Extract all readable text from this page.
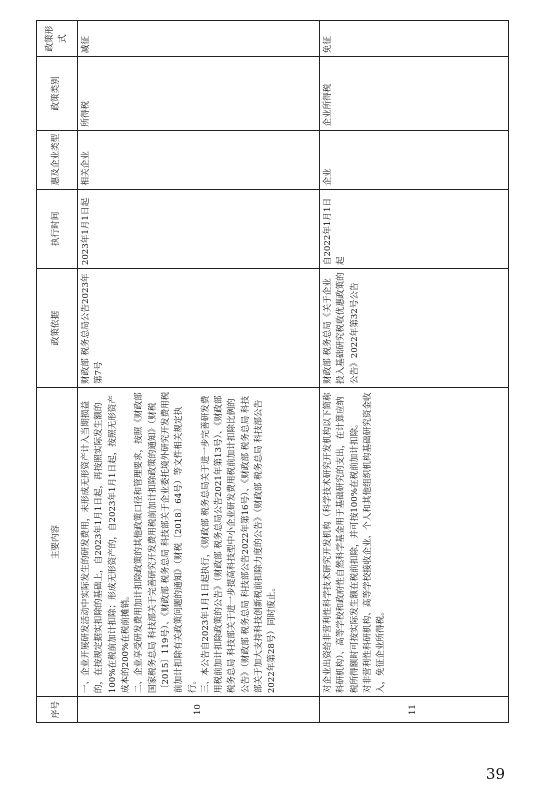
序号	主要内容	政策依据	执行时间	惠及企业类型	政策类别	政策形式
10	一、企业开展研发活动中实际发生的研发费用，未形成无形资产计入当期损益的，在按规定据实扣除的基础上，自2023年1月1日起，再按照实际发生额的100%在税前加计扣除；形成无形资产的，自2023年1月1日起，按照无形资产成本的200%在税前摊销。 二、企业享受研发费用加计扣除政策的其他政策口径和管理要求，按照《财政部 国家税务总局 科技部关于完善研究开发费用税前加计扣除政策的通知》（财税〔2015〕119号）、《财政部 税务总局 科技部关于企业委托境外研究开发费用税前加计扣除有关政策问题的通知》（财税〔2018〕64号）等文件相关规定执行。 三、本公告自2023年1月1日起执行，《财政部 税务总局关于进一步完善研发费用税前加计扣除政策的公告》（财政部 税务总局公告2021年第13号）、《财政部 税务总局 科技部关于进一步提高科技型中小企业研发费用税前加计扣除比例的公告》（财政部 税务总局 科技部公告2022年第16号）、《财政部 税务总局 科技部关于加大支持科技创新税前扣除力度的公告》（财政部 税务总局 科技部公告2022年第28号）同时废止。	财政部 税务总局公告2023年第7号	2023年1月1日起	相关企业	所得税	减征
11	对企业出资给非营利性科学技术研究开发机构（科学技术研究开发机构以下简称科研机构）、高等学校和政府性自然科学基金用于基础研究的支出，在计算应纳税所得额时可按实际发生额在税前扣除，并可按100%在税前加计扣除。 对非营利性科研机构、高等学校接收企业、个人和其他组织机构基础研究资金收入，免征企业所得税。	财政部 税务总局《关于企业投入基础研究税收优惠政策的公告》2022年第32号公告	自2022年1月1日起	企业	企业所得税	免征
39
